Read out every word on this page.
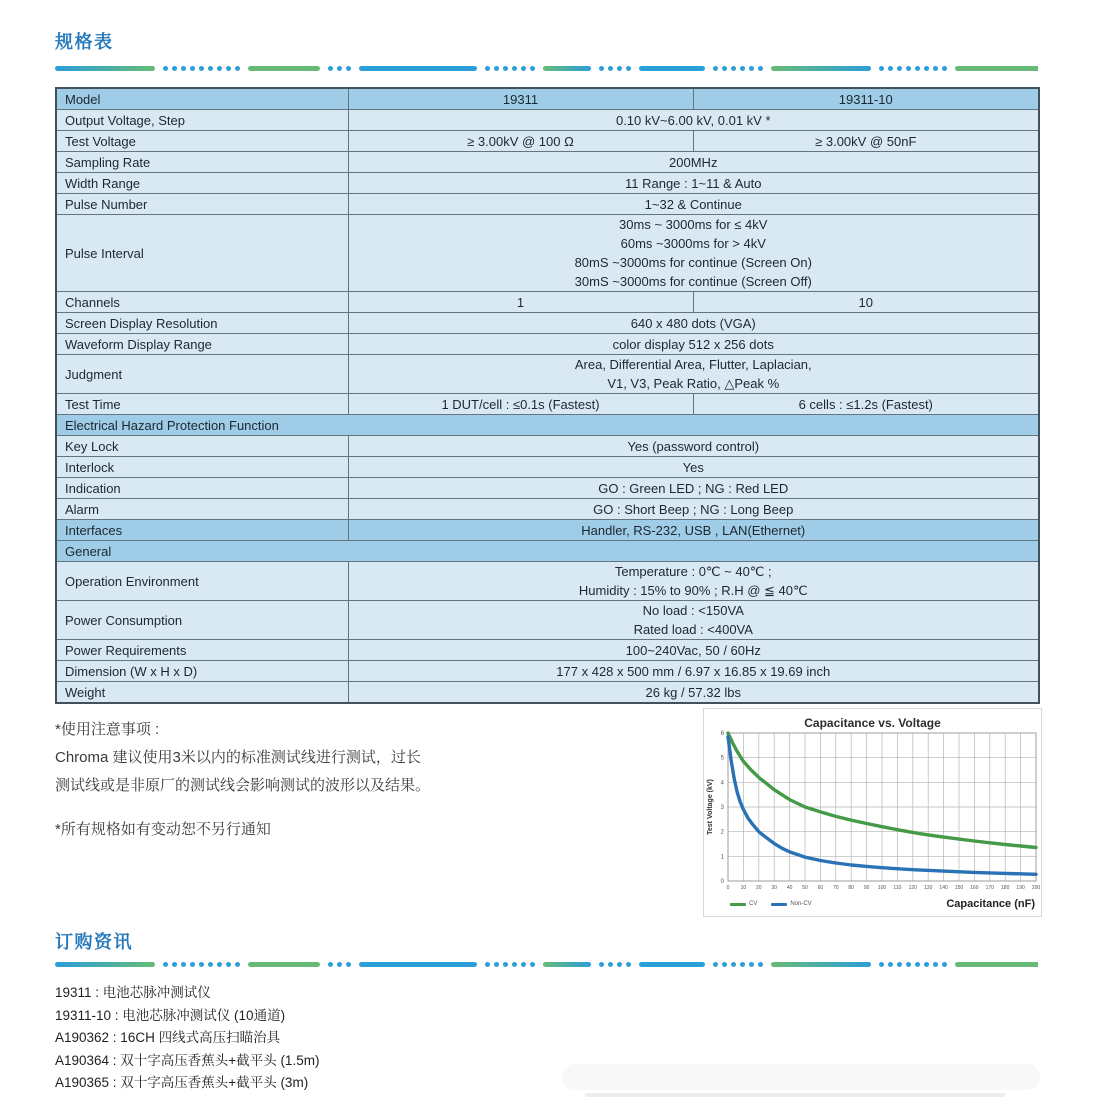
规格表
Model	19311	19311-10

Output Voltage, Step	0.10 kV~6.00 kV, 0.01 kV *	

Test Voltage	≥ 3.00kV @ 100 Ω	≥ 3.00kV @ 50nF

Sampling Rate	200MHz	

Width Range	11 Range : 1~11 & Auto	

Pulse Number	1~32 & Continue	

Pulse Interval	30ms ~ 3000ms for ≤ 4kV
60ms ~3000ms for > 4kV
80mS ~3000ms for continue (Screen On)
30mS ~3000ms for continue (Screen Off)	

Channels	1	10

Screen Display Resolution	640 x 480 dots (VGA)	

Waveform Display Range	color display 512 x 256 dots	

Judgment	Area, Differential Area, Flutter, Laplacian,
V1, V3, Peak Ratio, △Peak %	

Test Time	1 DUT/cell : ≤0.1s (Fastest)	6 cells : ≤1.2s (Fastest)

Electrical Hazard Protection Function		
Key Lock	Yes (password control)	

Interlock	Yes	

Indication	GO : Green LED ; NG : Red LED	

Alarm	GO : Short Beep ; NG : Long Beep	

Interfaces	Handler, RS-232, USB , LAN(Ethernet)	

General		
Operation Environment	Temperature : 0℃ ~ 40℃ ;
Humidity : 15% to 90% ; R.H @ ≦ 40℃	

Power Consumption	No load : <150VA
Rated load : <400VA	

Power Requirements	100~240Vac, 50 / 60Hz	

Dimension (W x H x D)	177 x 428 x 500 mm / 6.97 x 16.85 x 19.69 inch	

Weight	26 kg / 57.32 lbs	
*使用注意事项 :
Chroma 建议使用3米以内的标准测试线进行测试，过长
测试线或是非原厂的测试线会影响测试的波形以及结果。
*所有规格如有变动恕不另行通知
Capacitance vs. Voltage
0 10 20 30 40 50 60 70 80 90 100 110 120 130 140 150 160 170 180 190 200
0
1
2
3
4
5
6
Test Voltage (kV)
CV	Non-CV	Capacitance (nF)
订购资讯
19311 : 电池芯脉冲测试仪
19311-10 : 电池芯脉冲测试仪 (10通道)
A190362 : 16CH 四线式高压扫瞄治具
A190364 : 双十字高压香蕉头+截平头 (1.5m)
A190365 : 双十字高压香蕉头+截平头 (3m)
